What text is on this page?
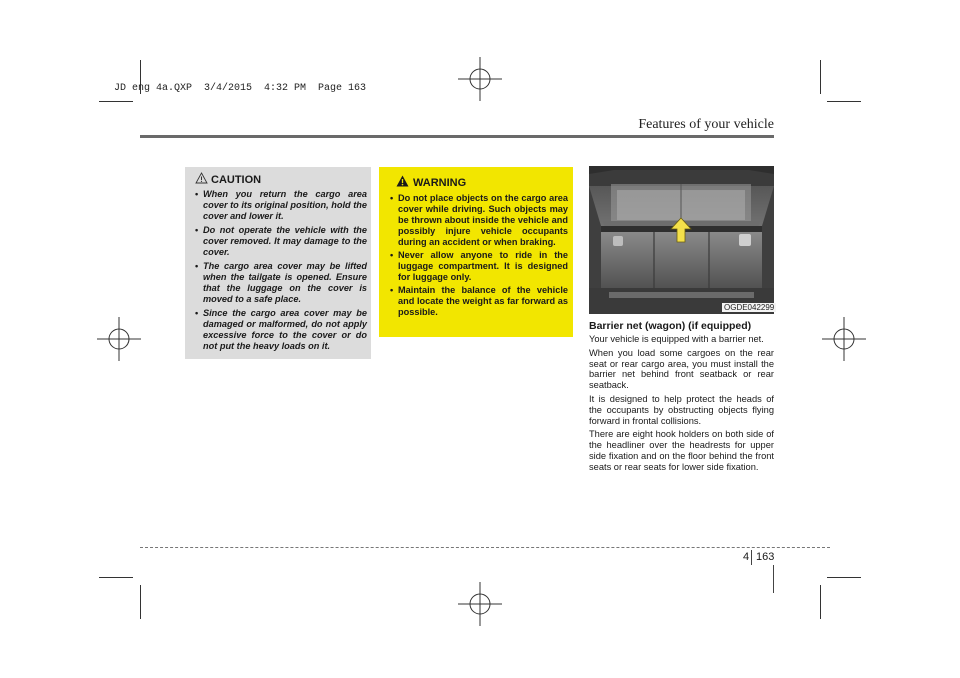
JD eng 4a.QXP  3/4/2015  4:32 PM  Page 163
Features of your vehicle
CAUTION
• When you return the cargo area cover to its original position, hold the cover and lower it.
• Do not operate the vehicle with the cover removed. It may damage to the cover.
• The cargo area cover may be lifted when the tailgate is opened. Ensure that the luggage on the cover is moved to a safe place.
• Since the cargo area cover may be damaged or malformed, do not apply excessive force to the cover or do not put the heavy loads on it.
WARNING
• Do not place objects on the cargo area cover while driving. Such objects may be thrown about inside the vehicle and possibly injure vehicle occupants during an accident or when braking.
• Never allow anyone to ride in the luggage compartment. It is designed for luggage only.
• Maintain the balance of the vehicle and locate the weight as far forward as possible.	OGDE042299
Barrier net (wagon) (if equipped)

Your vehicle is equipped with a barrier net.

When you load some cargoes on the rear seat or rear cargo area, you must install the barrier net behind front seatback or rear seatback.

It is designed to help protect the heads of the occupants by obstructing objects flying forward in frontal collisions.

There are eight hook holders on both side of the headliner over the headrests for upper side fixation and on the floor behind the front seats or rear seats for lower side fixation.

4 163
